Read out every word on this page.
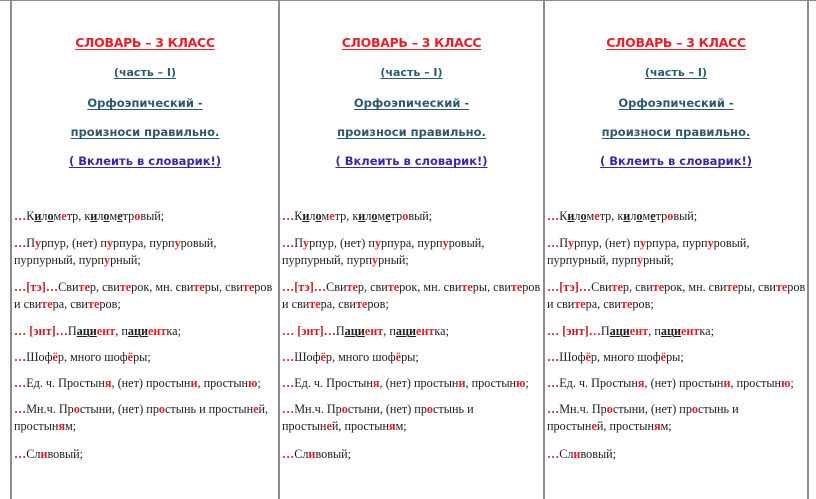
СЛОВАРЬ – 3 КЛАСС
(часть – I)
Орфоэпический -
произноси правильно.
( Вклеить в словарик!)

…Километр, километровый;

…Пурпур, (нет) пурпура, пурпуровый, пурпурный, пурпурный;

…[тэ]…Свитер, свитерок, мн. свитеры, свитеров и свитера, свитеров;

… [энт]…Пациент, пациентка;

…Шофёр, много шофёры;

…Ед. ч. Простыня, (нет) простыни, простыню;

…Мн.ч. Простыни, (нет) простынь и простыней, простыням;

…Сливовый;

СЛОВАРЬ – 3 КЛАСС
(часть – I)
Орфоэпический -
произноси правильно.
( Вклеить в словарик!)

…Километр, километровый;

…Пурпур, (нет) пурпура, пурпуровый, пурпурный, пурпурный;

…[тэ]…Свитер, свитерок, мн. свитеры, свитеров и свитера, свитеров;

… [энт]…Пациент, пациентка;

…Шофёр, много шофёры;

…Ед. ч. Простыня, (нет) простыни, простыню;

…Мн.ч. Простыни, (нет) простынь и простыней, простыням;

…Сливовый;

СЛОВАРЬ – 3 КЛАСС
(часть – I)
Орфоэпический -
произноси правильно.
( Вклеить в словарик!)

…Километр, километровый;

…Пурпур, (нет) пурпура, пурпуровый, пурпурный, пурпурный;

…[тэ]…Свитер, свитерок, мн. свитеры, свитеров и свитера, свитеров;

… [энт]…Пациент, пациентка;

…Шофёр, много шофёры;

…Ед. ч. Простыня, (нет) простыни, простыню;

…Мн.ч. Простыни, (нет) простынь и простыней, простыням;

…Сливовый;
